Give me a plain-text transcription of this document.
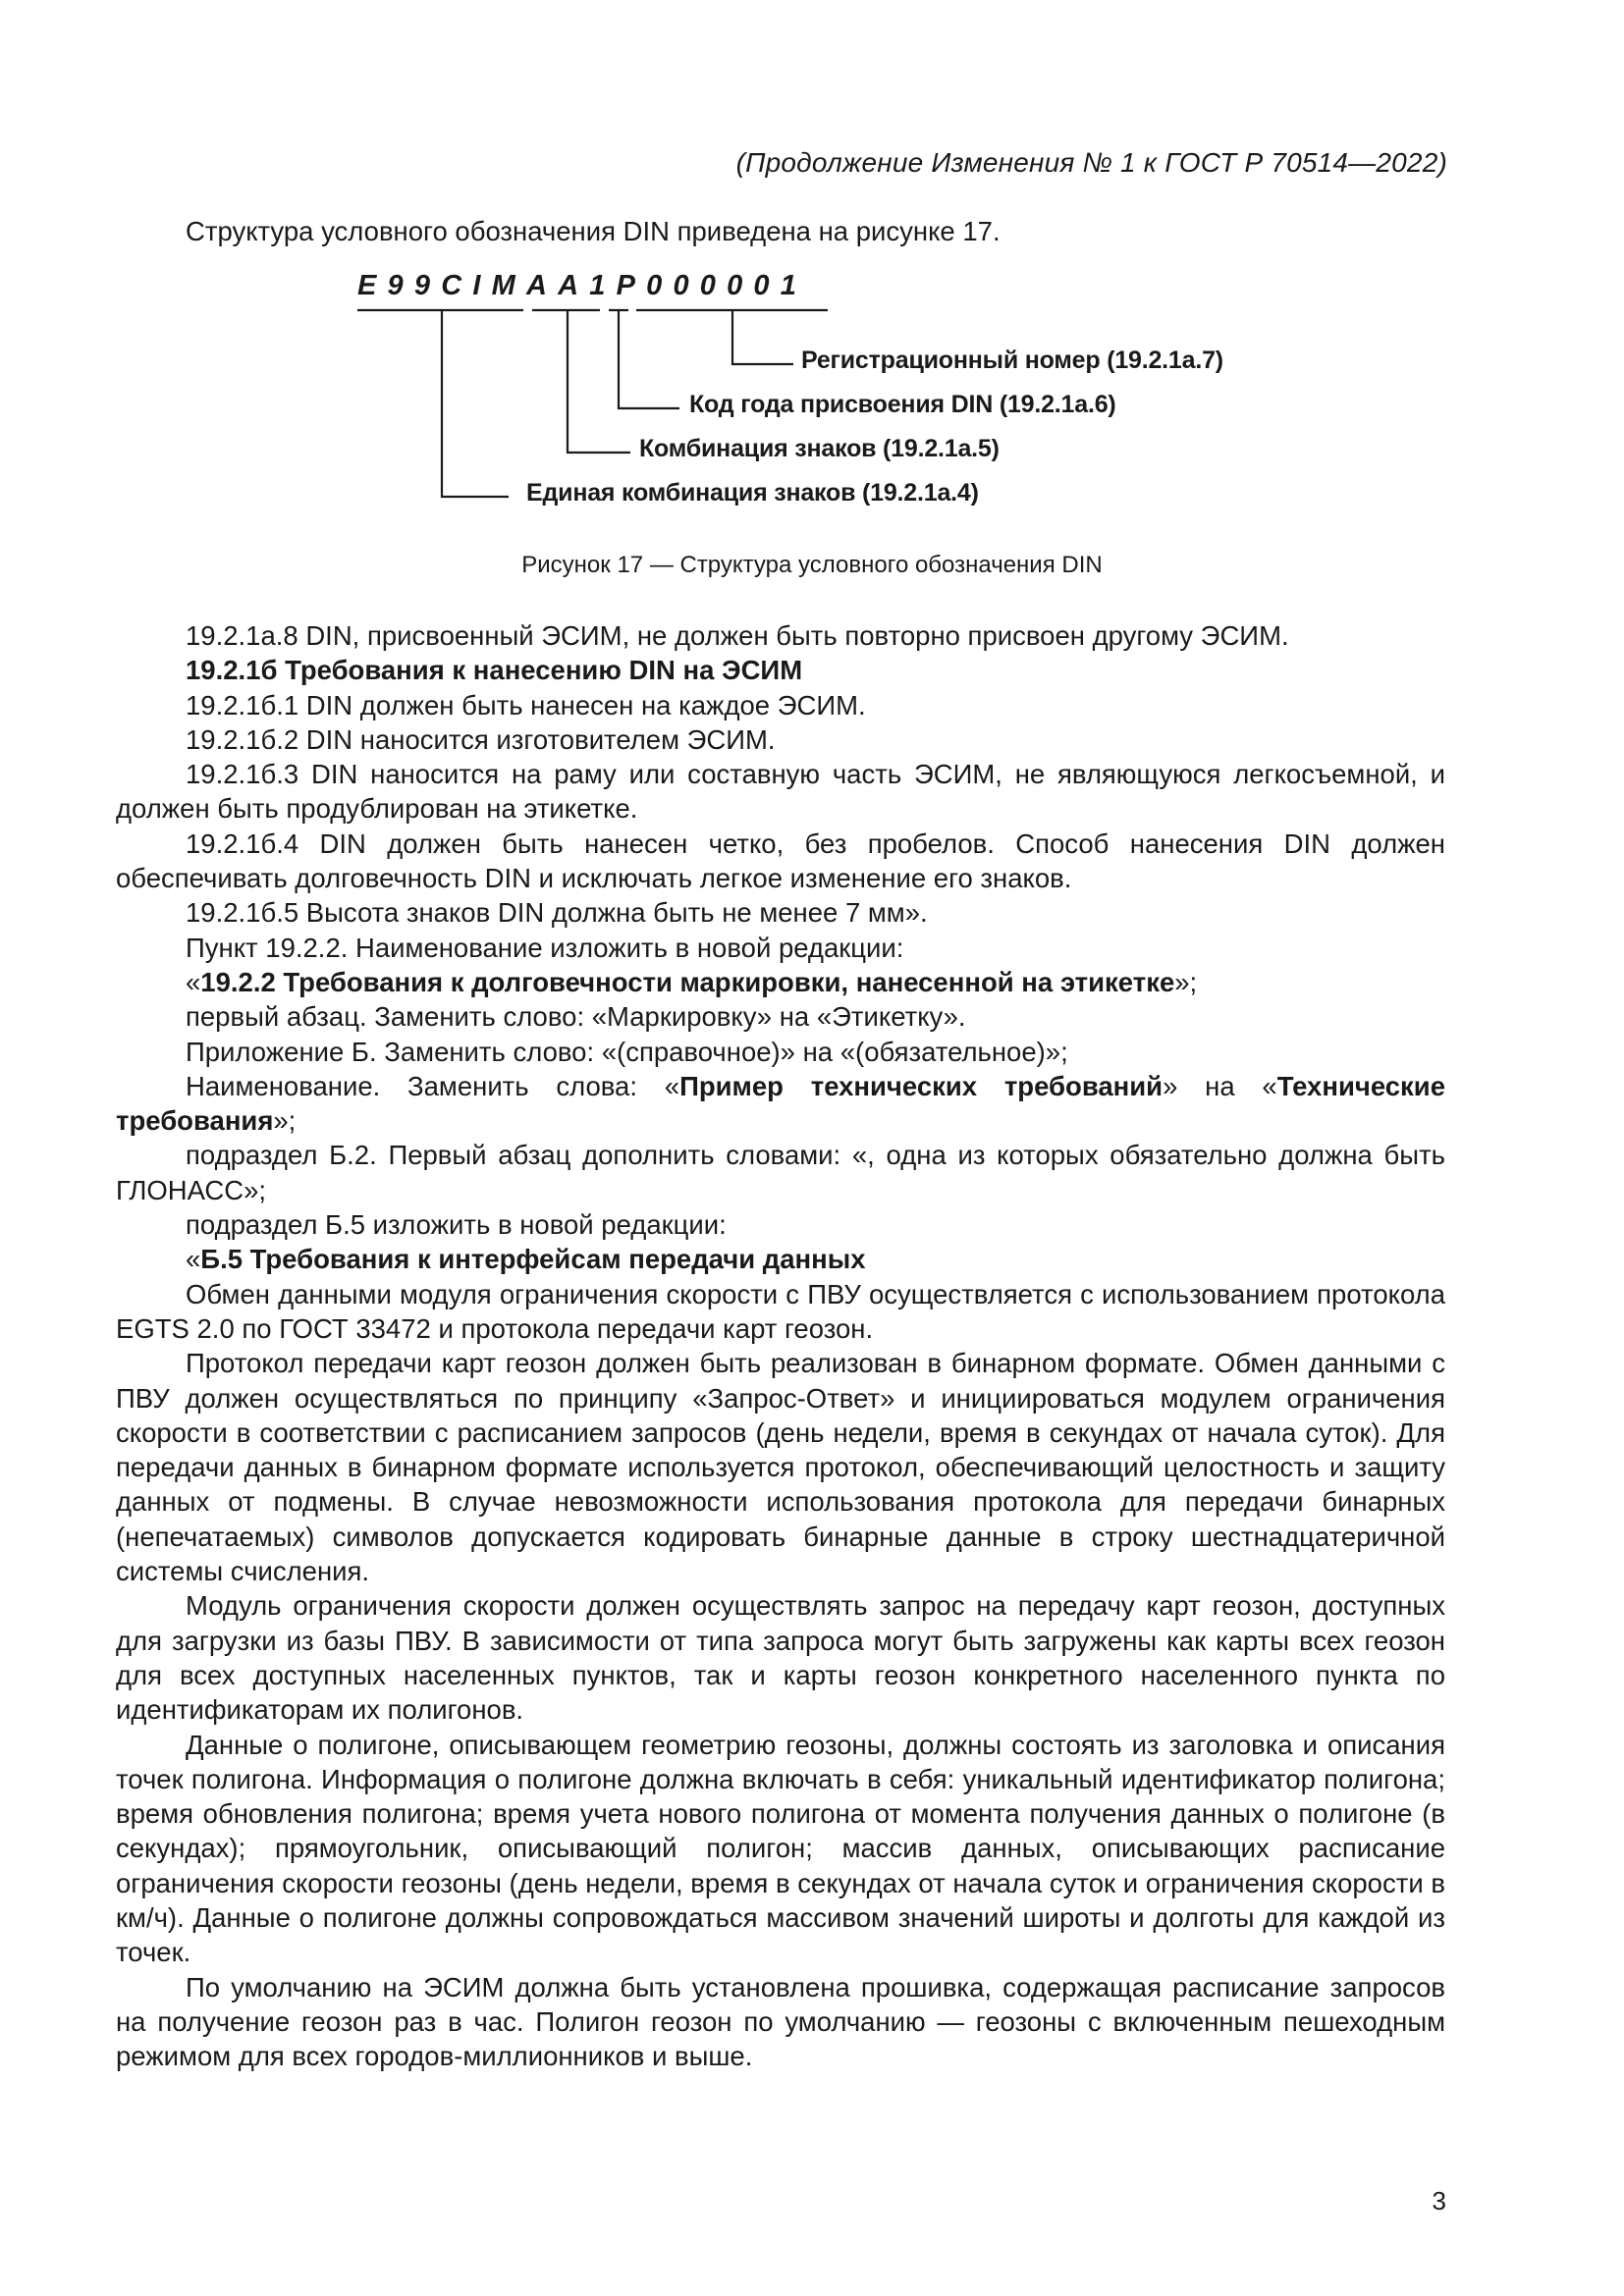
(Продолжение Изменения № 1 к ГОСТ Р 70514—2022)

Структура условного обозначения DIN приведена на рисунке 17.

E99CIMAA1P000001
Регистрационный номер (19.2.1а.7)
Код года присвоения DIN (19.2.1а.6)
Комбинация знаков (19.2.1а.5)
Единая комбинация знаков (19.2.1а.4)
Рисунок 17 — Структура условного обозначения DIN

19.2.1а.8 DIN, присвоенный ЭСИМ, не должен быть повторно присвоен другому ЭСИМ.

19.2.1б Требования к нанесению DIN на ЭСИМ

19.2.1б.1 DIN должен быть нанесен на каждое ЭСИМ.

19.2.1б.2 DIN наносится изготовителем ЭСИМ.

19.2.1б.3 DIN наносится на раму или составную часть ЭСИМ, не являющуюся легкосъемной, и должен быть продублирован на этикетке.

19.2.1б.4 DIN должен быть нанесен четко, без пробелов. Способ нанесения DIN должен обеспечивать долговечность DIN и исключать легкое изменение его знаков.

19.2.1б.5 Высота знаков DIN должна быть не менее 7 мм».

Пункт 19.2.2. Наименование изложить в новой редакции:

«19.2.2 Требования к долговечности маркировки, нанесенной на этикетке»;

первый абзац. Заменить слово: «Маркировку» на «Этикетку».

Приложение Б. Заменить слово: «(справочное)» на «(обязательное)»;

Наименование. Заменить слова: «Пример технических требований» на «Технические требования»;

подраздел Б.2. Первый абзац дополнить словами: «, одна из которых обязательно должна быть ГЛОНАСС»;

подраздел Б.5 изложить в новой редакции:

«Б.5 Требования к интерфейсам передачи данных

Обмен данными модуля ограничения скорости с ПВУ осуществляется с использованием протокола EGTS 2.0 по ГОСТ 33472 и протокола передачи карт геозон.

Протокол передачи карт геозон должен быть реализован в бинарном формате. Обмен данными с ПВУ должен осуществляться по принципу «Запрос-Ответ» и инициироваться модулем ограничения скорости в соответствии с расписанием запросов (день недели, время в секундах от начала суток). Для передачи данных в бинарном формате используется протокол, обеспечивающий целостность и защиту данных от подмены. В случае невозможности использования протокола для передачи бинарных (непечатаемых) символов допускается кодировать бинарные данные в строку шестнадцатеричной системы счисления.

Модуль ограничения скорости должен осуществлять запрос на передачу карт геозон, доступных для загрузки из базы ПВУ. В зависимости от типа запроса могут быть загружены как карты всех геозон для всех доступных населенных пунктов, так и карты геозон конкретного населенного пункта по идентификаторам их полигонов.

Данные о полигоне, описывающем геометрию геозоны, должны состоять из заголовка и описания точек полигона. Информация о полигоне должна включать в себя: уникальный идентификатор полигона; время обновления полигона; время учета нового полигона от момента получения данных о полигоне (в секундах); прямоугольник, описывающий полигон; массив данных, описывающих расписание ограничения скорости геозоны (день недели, время в секундах от начала суток и ограничения скорости в км/ч). Данные о полигоне должны сопровождаться массивом значений широты и долготы для каждой из точек.

По умолчанию на ЭСИМ должна быть установлена прошивка, содержащая расписание запросов на получение геозон раз в час. Полигон геозон по умолчанию — геозоны с включенным пешеходным режимом для всех городов-миллионников и выше.

3
